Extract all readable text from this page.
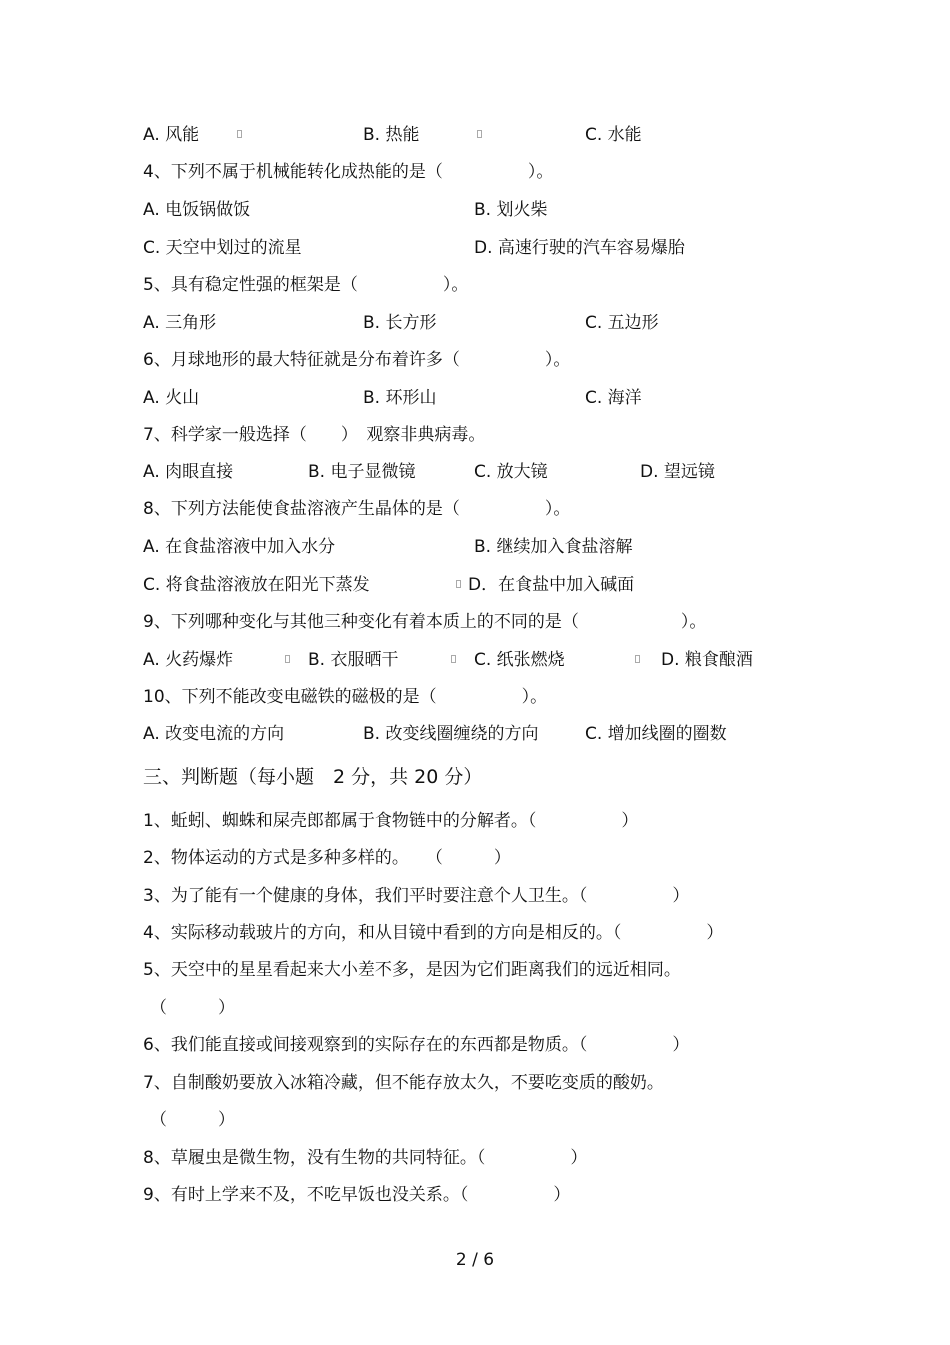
A. 风能	B. 热能	C. 水能
4、下列不属于机械能转化成热能的是（　　　　　）。
A. 电饭锅做饭	B. 划火柴
C. 天空中划过的流星	D. 高速行驶的汽车容易爆胎
5、具有稳定性强的框架是（　　　　　）。
A. 三角形	B. 长方形	C. 五边形
6、月球地形的最大特征就是分布着许多（　　　　　）。
A. 火山	B. 环形山	C. 海洋
7、科学家一般选择（　　）　观察非典病毒。
A. 肉眼直接	B. 电子显微镜	C. 放大镜	D. 望远镜
8、下列方法能使食盐溶液产生晶体的是（　　　　　）。
A. 在食盐溶液中加入水分	B. 继续加入食盐溶解
C. 将食盐溶液放在阳光下蒸发	D．在食盐中加入碱面
9、下列哪种变化与其他三种变化有着本质上的不同的是（　　　　　　）。
A. 火药爆炸	B. 衣服晒干	C. 纸张燃烧	D. 粮食酿酒
10、下列不能改变电磁铁的磁极的是（　　　　　）。
A. 改变电流的方向	B. 改变线圈缠绕的方向	C. 增加线圈的圈数
三、判断题（每小题　2 分，共 20 分）
1、蚯蚓、蜘蛛和屎壳郎都属于食物链中的分解者。（　　　　　）
2、物体运动的方式是多种多样的。　　（　　　）
3、为了能有一个健康的身体，我们平时要注意个人卫生。（　　　　　）
4、实际移动载玻片的方向，和从目镜中看到的方向是相反的。（　　　　　）
5、天空中的星星看起来大小差不多，是因为它们距离我们的远近相同。
（　　　）
6、我们能直接或间接观察到的实际存在的东西都是物质。（　　　　　）
7、自制酸奶要放入冰箱冷藏，但不能存放太久，不要吃变质的酸奶。
（　　　）
8、草履虫是微生物，没有生物的共同特征。（　　　　　）
9、有时上学来不及，不吃早饭也没关系。（　　　　　）
2 / 6
